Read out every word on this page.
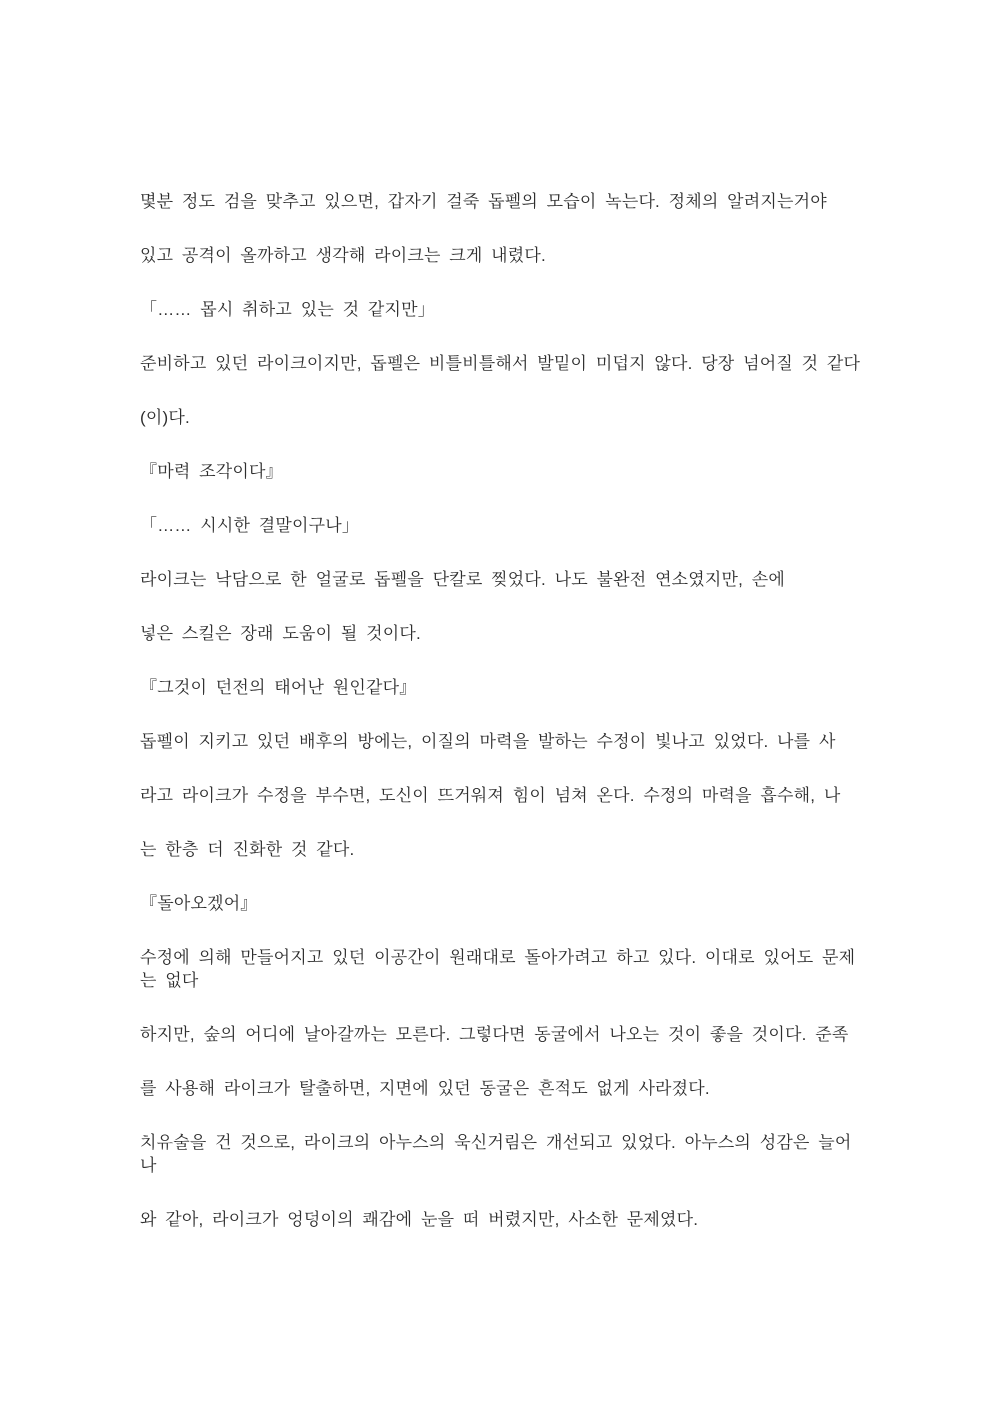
몇분 정도 검을 맞추고 있으면, 갑자기 걸죽 돕펠의 모습이 녹는다. 정체의 알려지는거야
있고 공격이 올까하고 생각해 라이크는 크게 내렸다.
「…… 몹시 취하고 있는 것 같지만」
준비하고 있던 라이크이지만, 돕펠은 비틀비틀해서 발밑이 미덥지 않다. 당장 넘어질 것 같다
(이)다.
『마력 조각이다』
「…… 시시한 결말이구나」
라이크는 낙담으로 한 얼굴로 돕펠을 단칼로 찢었다. 나도 불완전 연소였지만, 손에
넣은 스킬은 장래 도움이 될 것이다.
『그것이 던전의 태어난 원인같다』
돕펠이 지키고 있던 배후의 방에는, 이질의 마력을 발하는 수정이 빛나고 있었다. 나를 사
라고 라이크가 수정을 부수면, 도신이 뜨거워져 힘이 넘쳐 온다. 수정의 마력을 흡수해, 나
는 한층 더 진화한 것 같다.
『돌아오겠어』
수정에 의해 만들어지고 있던 이공간이 원래대로 돌아가려고 하고 있다. 이대로 있어도 문제
는 없다
하지만, 숲의 어디에 날아갈까는 모른다. 그렇다면 동굴에서 나오는 것이 좋을 것이다. 준족
를 사용해 라이크가 탈출하면, 지면에 있던 동굴은 흔적도 없게 사라졌다.
치유술을 건 것으로, 라이크의 아누스의 욱신거림은 개선되고 있었다. 아누스의 성감은 늘어
나
와 같아, 라이크가 엉덩이의 쾌감에 눈을 떠 버렸지만, 사소한 문제였다.
